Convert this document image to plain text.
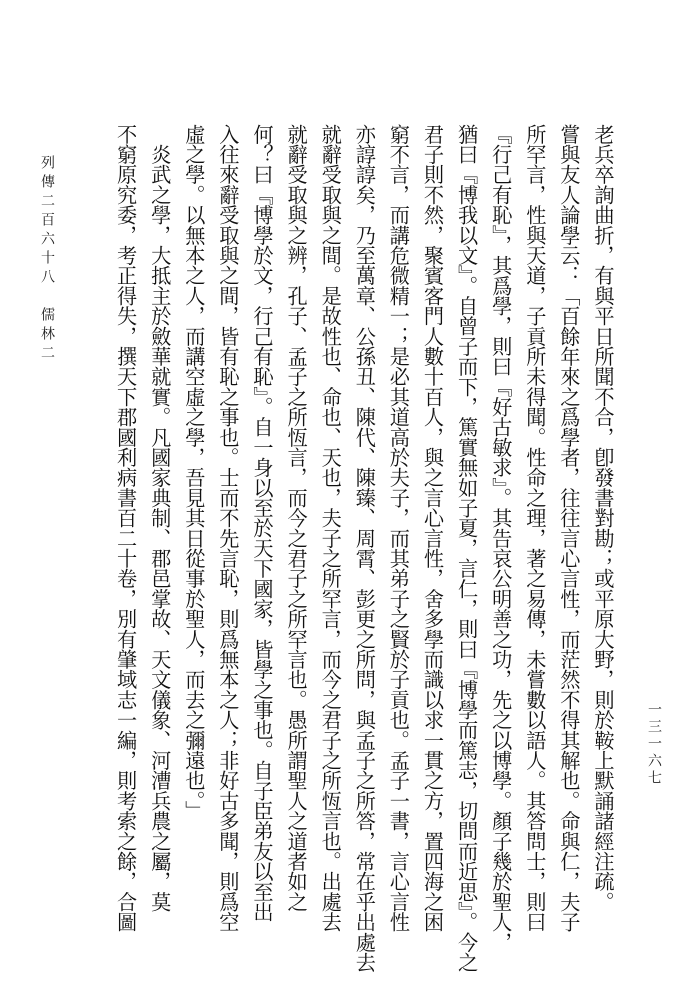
一三一六七
列傳二百六十八　儒林二	老兵卒詢曲折，有與平日所聞不合，卽發書對勘；或平原大野，則於鞍上默誦諸經注疏。
嘗與友人論學云：「百餘年來之爲學者，往往言心言性，而茫然不得其解也。命與仁，夫子
所罕言，性與天道，子貢所未得聞。性命之理，著之易傳，未嘗數以語人。其答問士，則曰
『行己有恥』，其爲學，則曰『好古敏求』。其告哀公明善之功，先之以博學。顏子幾於聖人，
猶曰『博我以文』。自曾子而下，篤實無如子夏，言仁，則曰『博學而篤志，切問而近思』。今之
君子則不然，聚賓客門人數十百人，與之言心言性，舍多學而識以求一貫之方，置四海之困
窮不言，而講危微精一；是必其道高於夫子，而其弟子之賢於子貢也。孟子一書，言心言性
亦諄諄矣，乃至萬章、公孫丑、陳代、陳臻、周霄、彭更之所問，與孟子之所答，常在乎出處去
就辭受取與之間。是故性也、命也、天也，夫子之所罕言，而今之君子之所恆言也。出處去
就辭受取與之辨，孔子、孟子之所恆言，而今之君子之所罕言也。愚所謂聖人之道者如之
何？曰『博學於文，行己有恥』。自一身以至於天下國家，皆學之事也。自子臣弟友以至出
入往來辭受取與之間，皆有恥之事也。士而不先言恥，則爲無本之人；非好古多聞，則爲空
虛之學。以無本之人，而講空虛之學，吾見其日從事於聖人，而去之彌遠也。」
　炎武之學，大抵主於斂華就實。凡國家典制、郡邑掌故、天文儀象、河漕兵農之屬，莫
不窮原究委，考正得失，撰天下郡國利病書百二十卷，別有肇域志一編，則考索之餘，合圖
